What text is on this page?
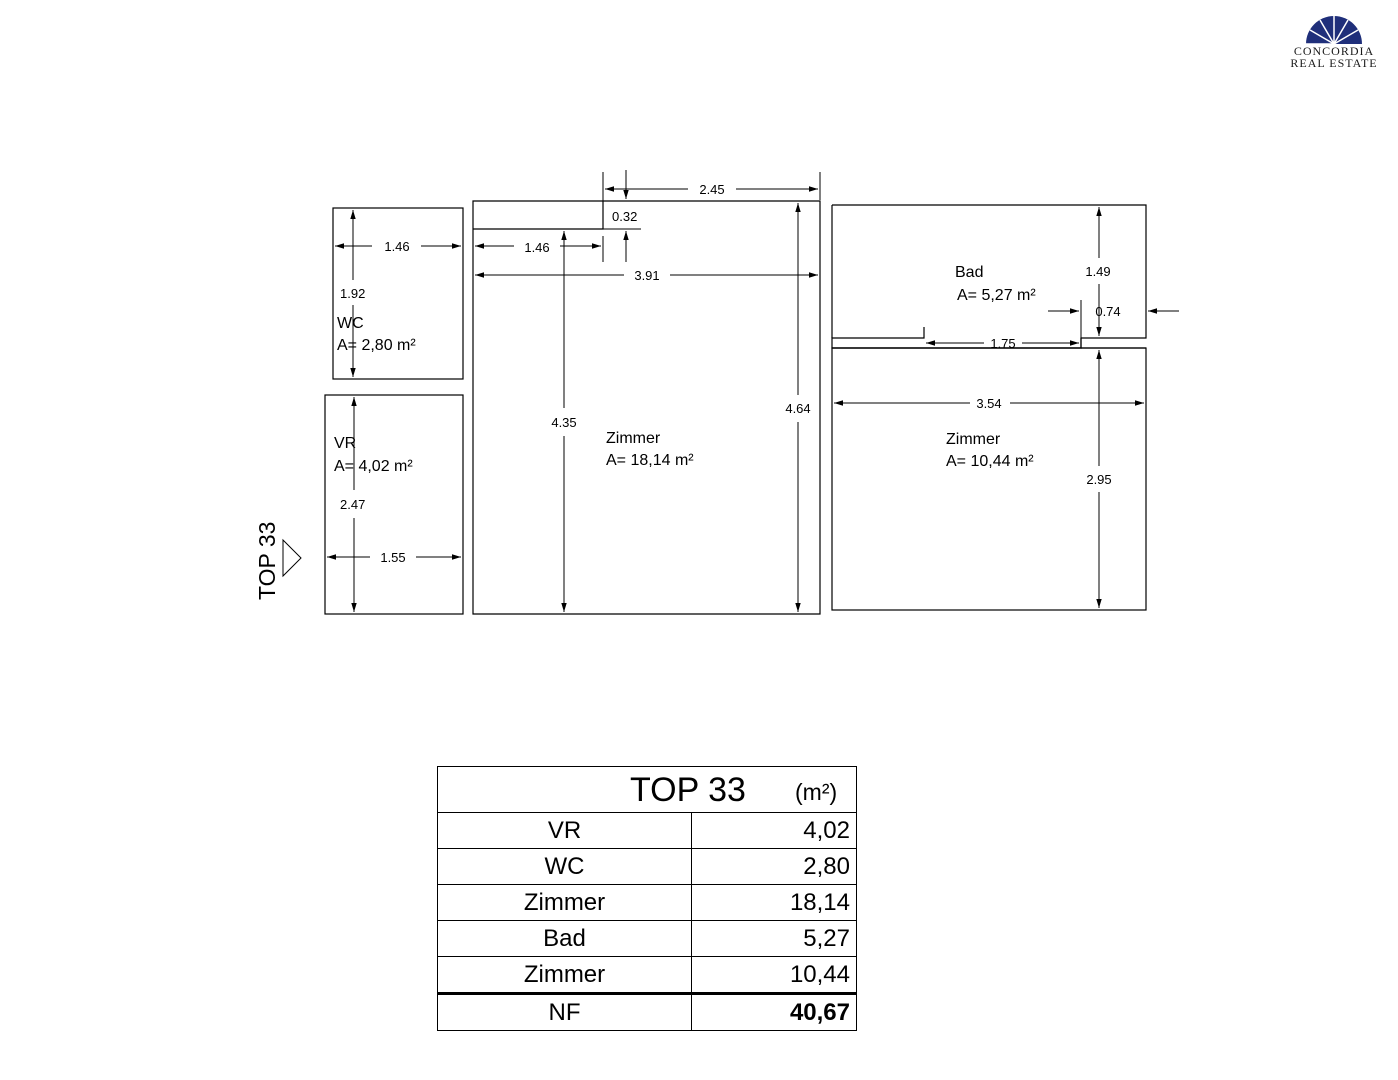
CONCORDIA
REAL ESTATE
1.46
1.92
2.47
1.55
2.45
0.32
1.46
3.91
4.35
4.64
1.49
0.74
1.75
3.54
2.95
WC
A= 2,80 m²
VR
A= 4,02 m²
Zimmer
A= 18,14 m²
Bad
A= 5,27 m²
Zimmer
A= 10,44 m²
TOP 33
TOP 33 (m²)	

VR	4,02
WC	2,80
Zimmer	18,14
Bad	5,27
Zimmer	10,44
NF	40,67
